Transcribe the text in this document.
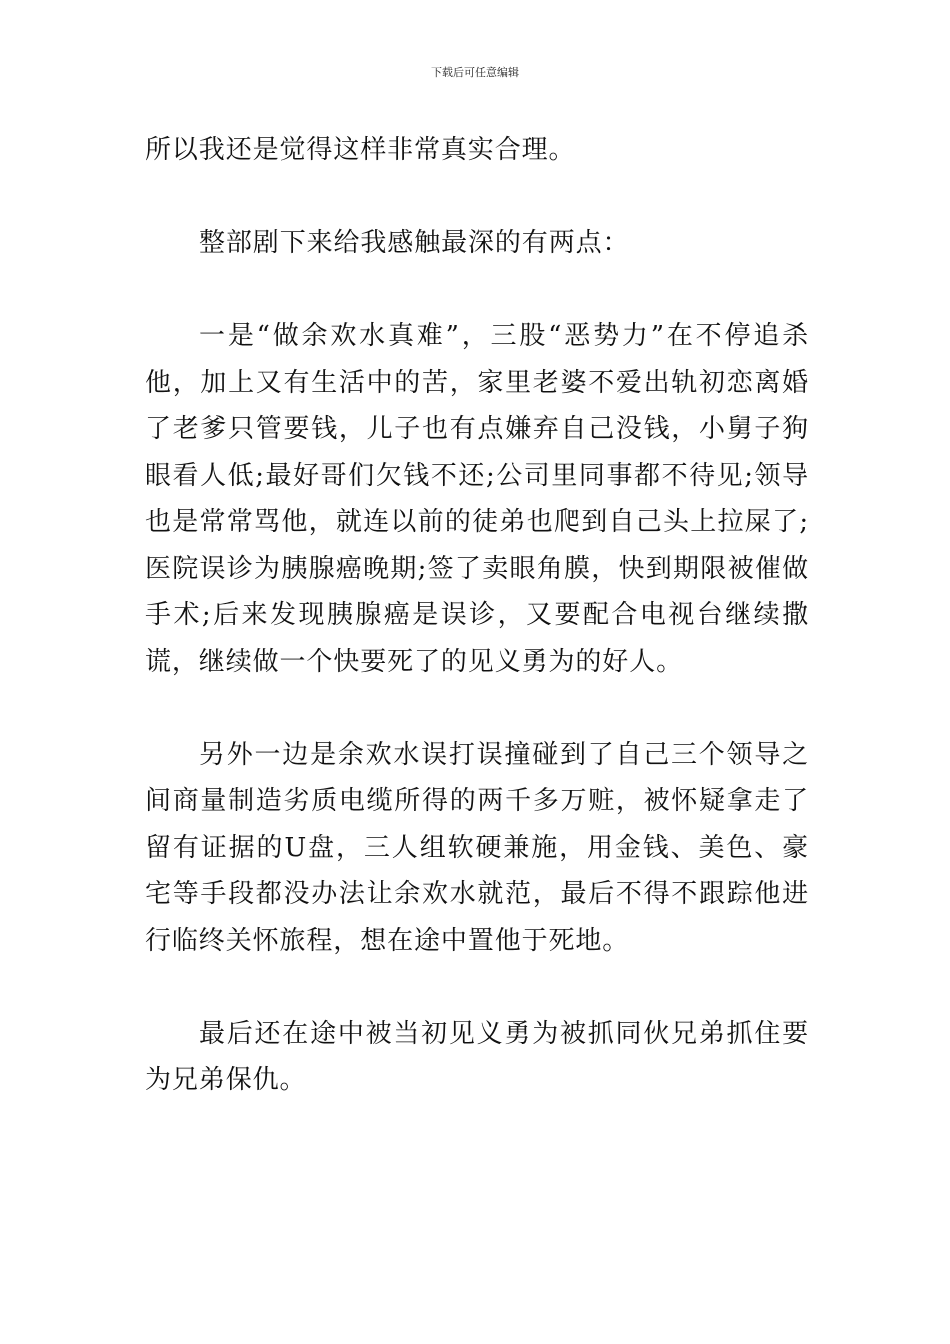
下载后可任意编辑

所以我还是觉得这样非常真实合理。

整部剧下来给我感触最深的有两点：

一是“做余欢水真难”，三股“恶势力”在不停追杀他，加上又有生活中的苦，家里老婆不爱出轨初恋离婚了老爹只管要钱，儿子也有点嫌弃自己没钱，小舅子狗眼看人低;最好哥们欠钱不还;公司里同事都不待见;领导也是常常骂他，就连以前的徒弟也爬到自己头上拉屎了;医院误诊为胰腺癌晚期;签了卖眼角膜，快到期限被催做手术;后来发现胰腺癌是误诊，又要配合电视台继续撒谎，继续做一个快要死了的见义勇为的好人。

另外一边是余欢水误打误撞碰到了自己三个领导之间商量制造劣质电缆所得的两千多万赃，被怀疑拿走了留有证据的U盘，三人组软硬兼施，用金钱、美色、豪宅等手段都没办法让余欢水就范，最后不得不跟踪他进行临终关怀旅程，想在途中置他于死地。

最后还在途中被当初见义勇为被抓同伙兄弟抓住要为兄弟保仇。
